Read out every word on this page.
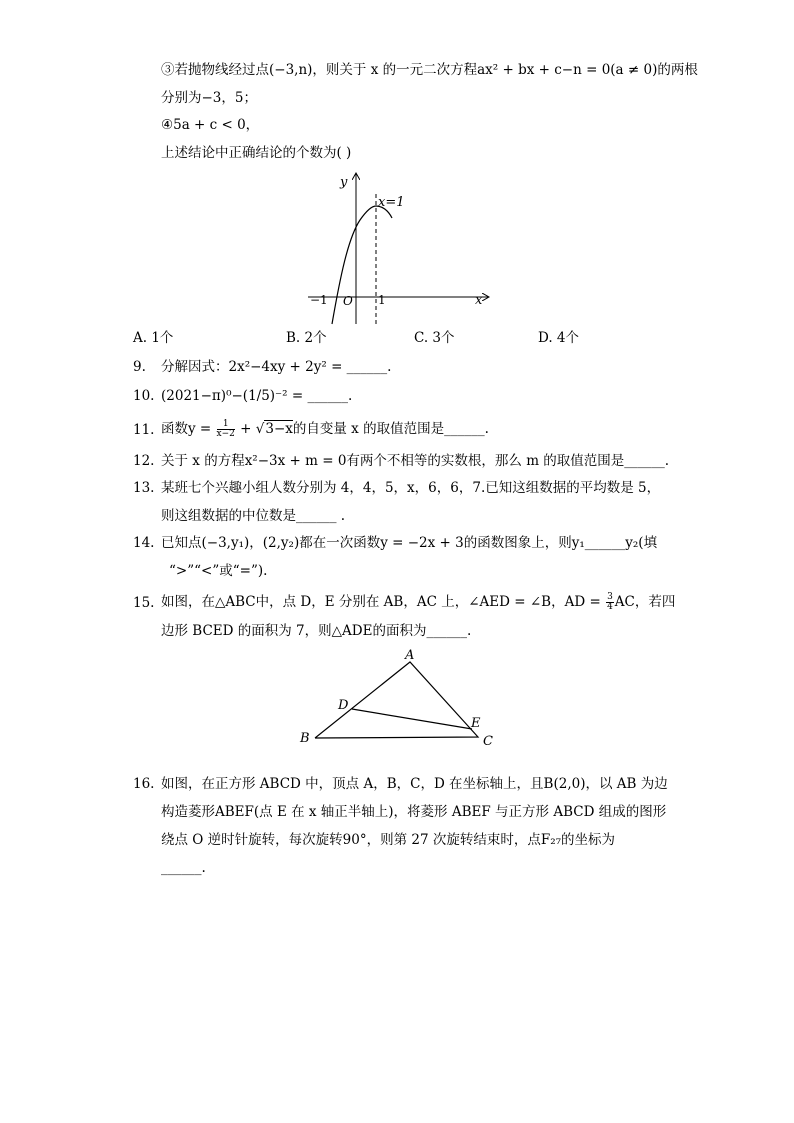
③若抛物线经过点(−3,n)，则关于 x 的一元二次方程ax² + bx + c−n = 0(a ≠ 0)的两根
分别为−3，5；
④5a + c < 0，
上述结论中正确结论的个数为( )
y
x=1
−1 O 1	x
A. 1个	B. 2个	C. 3个	D. 4个
9. 分解因式：2x²−4xy + 2y² = ______.
10. (2021−π)⁰−(1/5)⁻² = ______.
11. 函数$y = \frac{1}{x-2} + √3-x$的自变量 x 的取值范围是______.
12. 关于 x 的方程x²−3x + m = 0有两个不相等的实数根，那么 m 的取值范围是______.
13. 某班七个兴趣小组人数分别为 4，4，5，x，6，6，7.已知这组数据的平均数是 5，
则这组数据的中位数是______ .
14. 已知点(−3,y₁)，(2,y₂)都在一次函数y = −2x + 3的函数图象上，则y₁______y₂(填
“>”“<”或“=”).
15. 如图，在△ABC中，点 D，E 分别在 AB，AC 上，∠AED = ∠B，AD = $\frac{3}{4}$ AC，若四
边形 BCED 的面积为 7，则△ADE的面积为______.
A
B	C
D
E
16. 如图，在正方形 ABCD 中，顶点 A，B，C，D 在坐标轴上，且B(2,0)，以 AB 为边
构造菱形ABEF(点 E 在 x 轴正半轴上)，将菱形 ABEF 与正方形 ABCD 组成的图形
绕点 O 逆时针旋转，每次旋转90°，则第 27 次旋转结束时，点F₂₇的坐标为
______.
